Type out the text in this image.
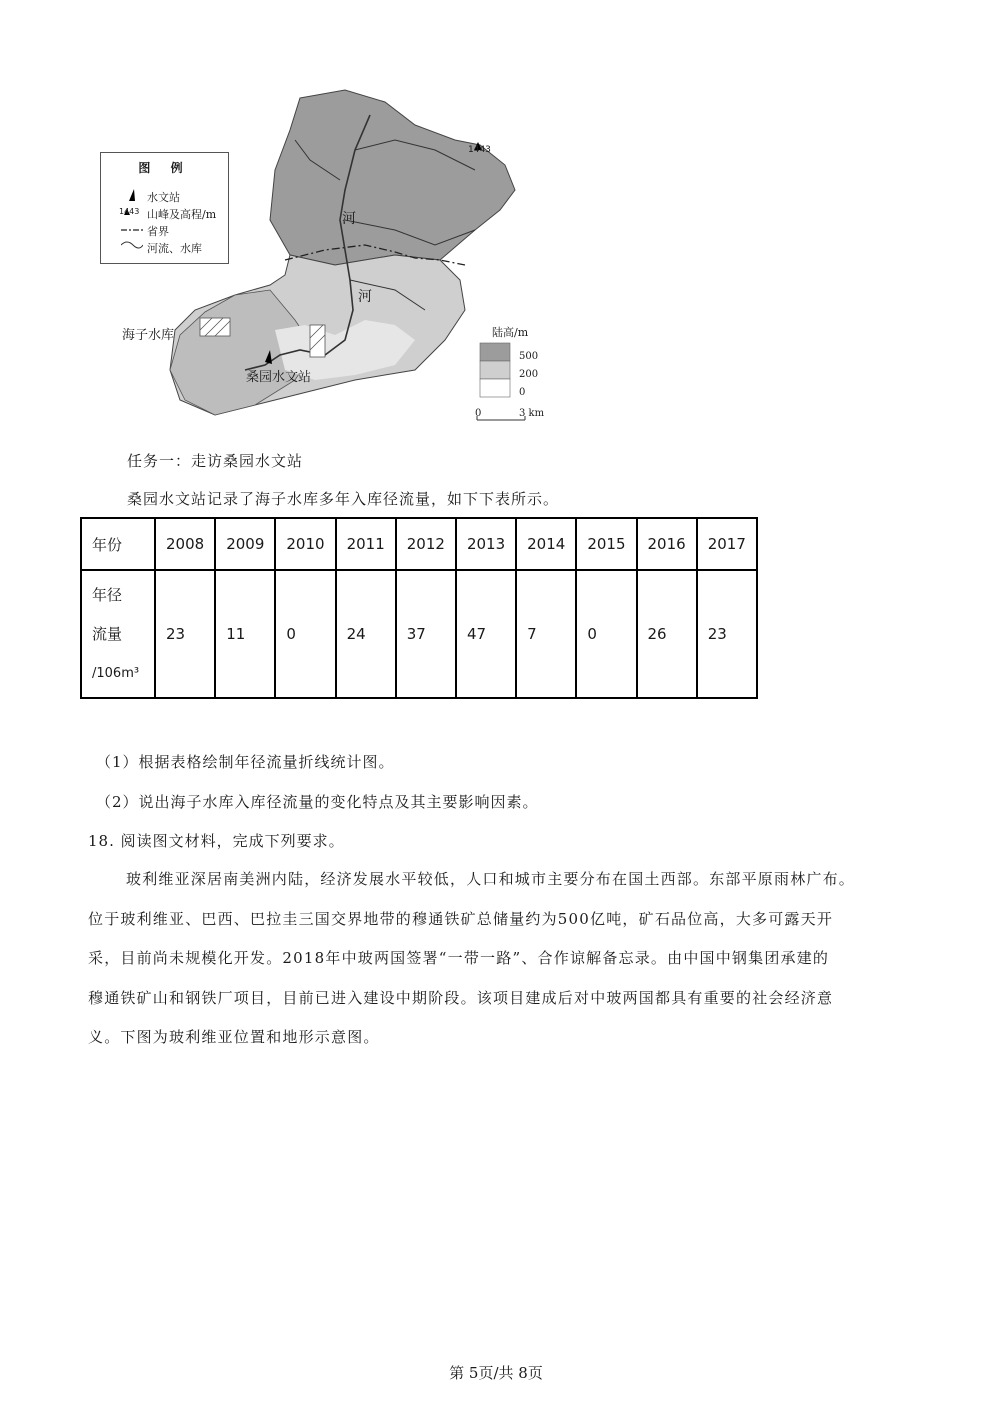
1443
河
河
海子水库
桑园水文站
陆高/m
500
200
0
0	3 km
图 例
1443
水文站
山峰及高程/m
省界
河流、水库
任务一：走访桑园水文站
桑园水文站记录了海子水库多年入库径流量，如下下表所示。
年份	2008	2009	2010	2011	2012	2013	2014	2015	2016	2017

年径
流量
/106m³	23	11	0	24	37	47	7	0	26	23
（1）根据表格绘制年径流量折线统计图。
（2）说出海子水库入库径流量的变化特点及其主要影响因素。
18. 阅读图文材料，完成下列要求。
玻利维亚深居南美洲内陆，经济发展水平较低，人口和城市主要分布在国土西部。东部平原雨林广布。
位于玻利维亚、巴西、巴拉圭三国交界地带的穆通铁矿总储量约为500亿吨，矿石品位高，大多可露天开
采，目前尚未规模化开发。2018年中玻两国签署“一带一路”、合作谅解备忘录。由中国中钢集团承建的
穆通铁矿山和钢铁厂项目，目前已进入建设中期阶段。该项目建成后对中玻两国都具有重要的社会经济意
义。下图为玻利维亚位置和地形示意图。
第 5页/共 8页
